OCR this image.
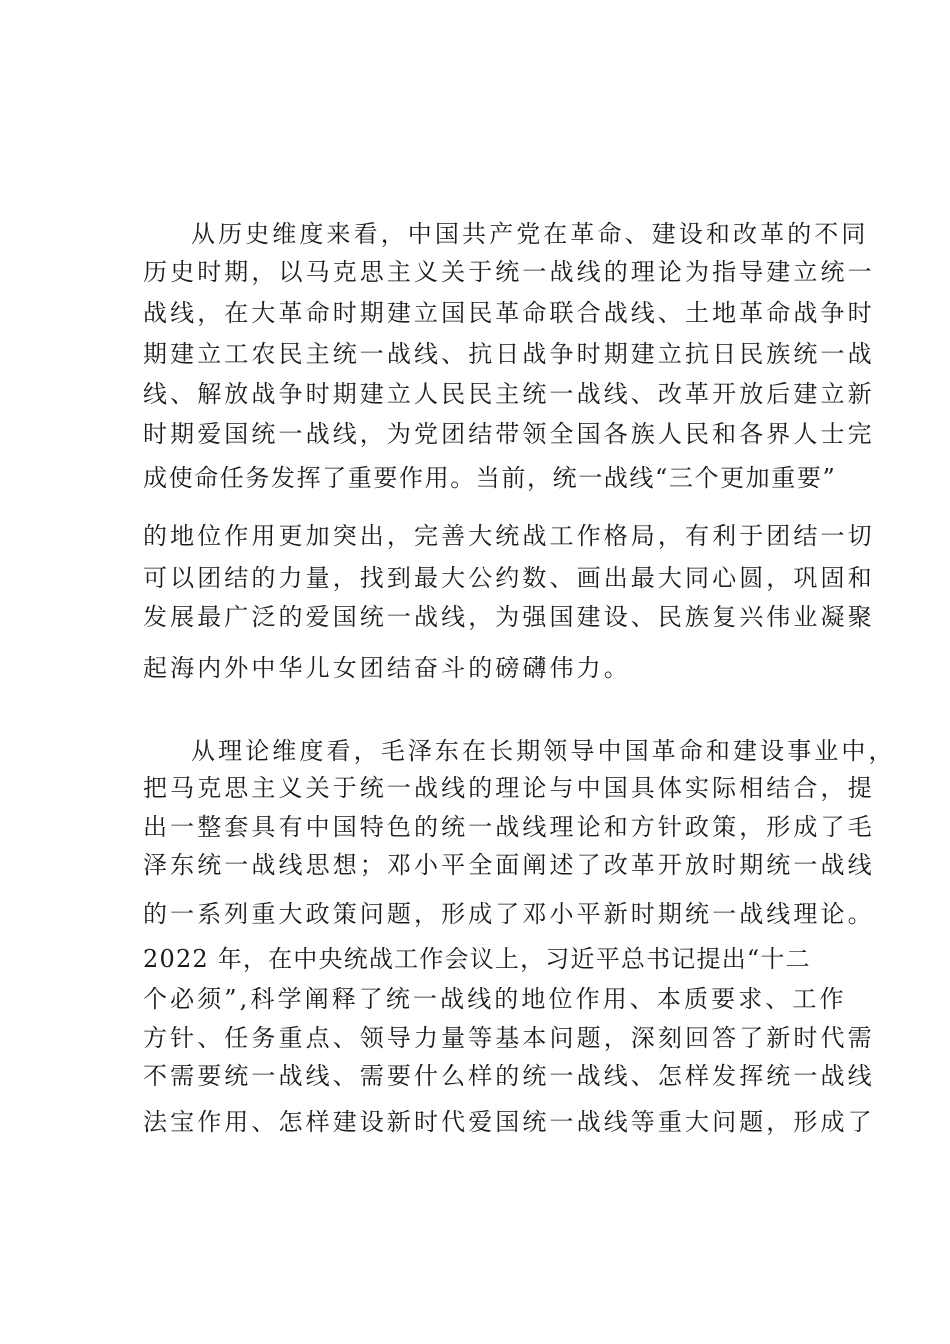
从历史维度来看，中国共产党在革命、建设和改革的不同
历史时期，以马克思主义关于统一战线的理论为指导建立统一
战线，在大革命时期建立国民革命联合战线、土地革命战争时
期建立工农民主统一战线、抗日战争时期建立抗日民族统一战
线、解放战争时期建立人民民主统一战线、改革开放后建立新
时期爱国统一战线，为党团结带领全国各族人民和各界人士完
成使命任务发挥了重要作用。当前，统一战线“三个更加重要”
的地位作用更加突出，完善大统战工作格局，有利于团结一切
可以团结的力量，找到最大公约数、画出最大同心圆，巩固和
发展最广泛的爱国统一战线，为强国建设、民族复兴伟业凝聚
起海内外中华儿女团结奋斗的磅礴伟力。
从理论维度看，毛泽东在长期领导中国革命和建设事业中，
把马克思主义关于统一战线的理论与中国具体实际相结合，提
出一整套具有中国特色的统一战线理论和方针政策，形成了毛
泽东统一战线思想；邓小平全面阐述了改革开放时期统一战线
的一系列重大政策问题，形成了邓小平新时期统一战线理论。
2022 年，在中央统战工作会议上，习近平总书记提出“十二
个必须”,科学阐释了统一战线的地位作用、本质要求、工作
方针、任务重点、领导力量等基本问题，深刻回答了新时代需
不需要统一战线、需要什么样的统一战线、怎样发挥统一战线
法宝作用、怎样建设新时代爱国统一战线等重大问题，形成了
